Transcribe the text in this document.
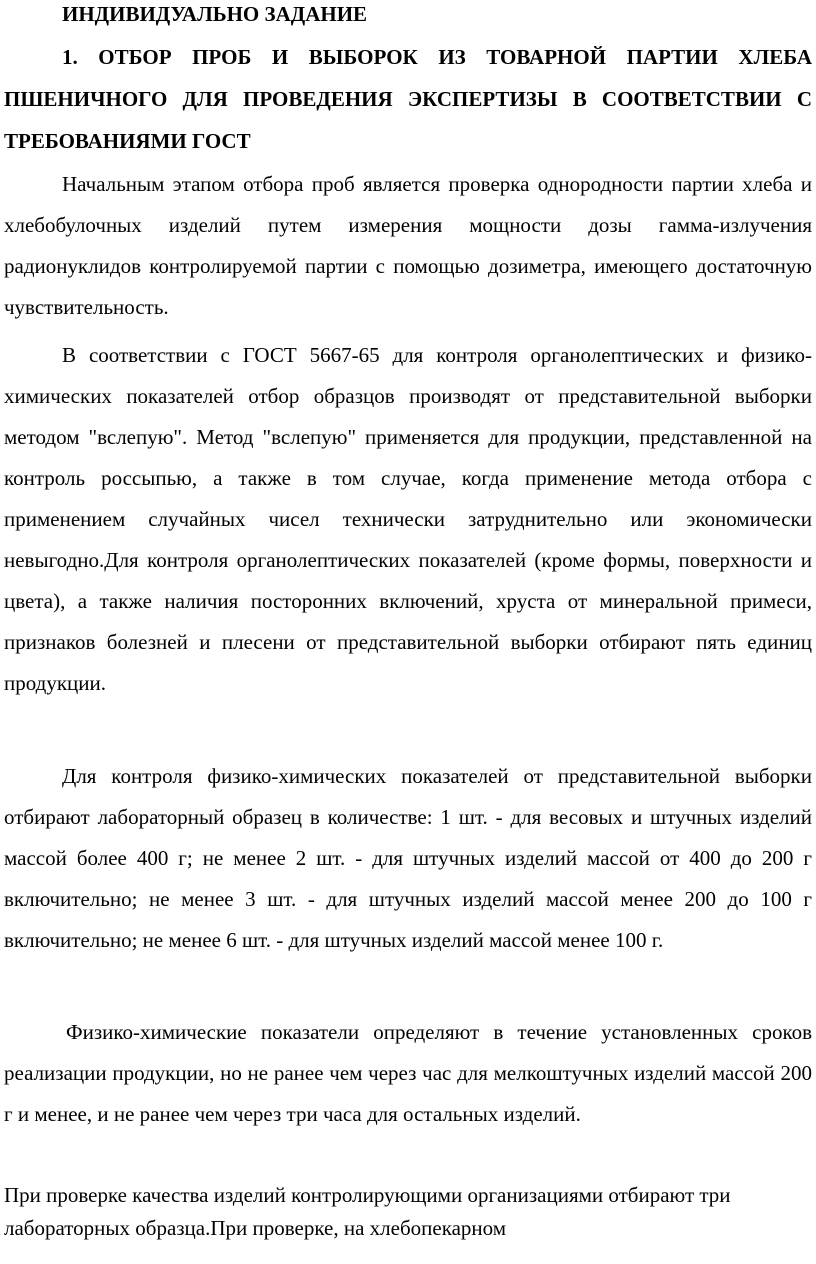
ИНДИВИДУАЛЬНО ЗАДАНИЕ

1. ОТБОР ПРОБ И ВЫБОРОК ИЗ ТОВАРНОЙ ПАРТИИ ХЛЕБА ПШЕНИЧНОГО ДЛЯ ПРОВЕДЕНИЯ ЭКСПЕРТИЗЫ В СООТВЕТСТВИИ С ТРЕБОВАНИЯМИ ГОСТ

Начальным этапом отбора проб является проверка однородности партии хлеба и хлебобулочных изделий путем измерения мощности дозы гамма-излучения радионуклидов контролируемой партии с помощью дозиметра, имеющего достаточную чувствительность.

В соответствии с ГОСТ 5667-65 для контроля органолептических и физико-химических показателей отбор образцов производят от представительной выборки методом "вслепую". Метод "вслепую" применяется для продукции, представленной на контроль россыпью, а также в том случае, когда применение метода отбора с применением случайных чисел технически затруднительно или экономически невыгодно.Для контроля органолептических показателей (кроме формы, поверхности и цвета), а также наличия посторонних включений, хруста от минеральной примеси, признаков болезней и плесени от представительной выборки отбирают пять единиц продукции.

Для контроля физико-химических показателей от представительной выборки отбирают лабораторный образец в количестве: 1 шт. - для весовых и штучных изделий массой более 400 г; не менее 2 шт. - для штучных изделий массой от 400 до 200 г включительно; не менее 3 шт. - для штучных изделий массой менее 200 до 100 г включительно; не менее 6 шт. - для штучных изделий массой менее 100 г.

Физико-химические показатели определяют в течение установленных сроков реализации продукции, но не ранее чем через час для мелкоштучных изделий массой 200 г и менее, и не ранее чем через три часа для остальных изделий.

При проверке качества изделий контролирующими организациями отбирают три лабораторных образца.При проверке, на хлебопекарном
